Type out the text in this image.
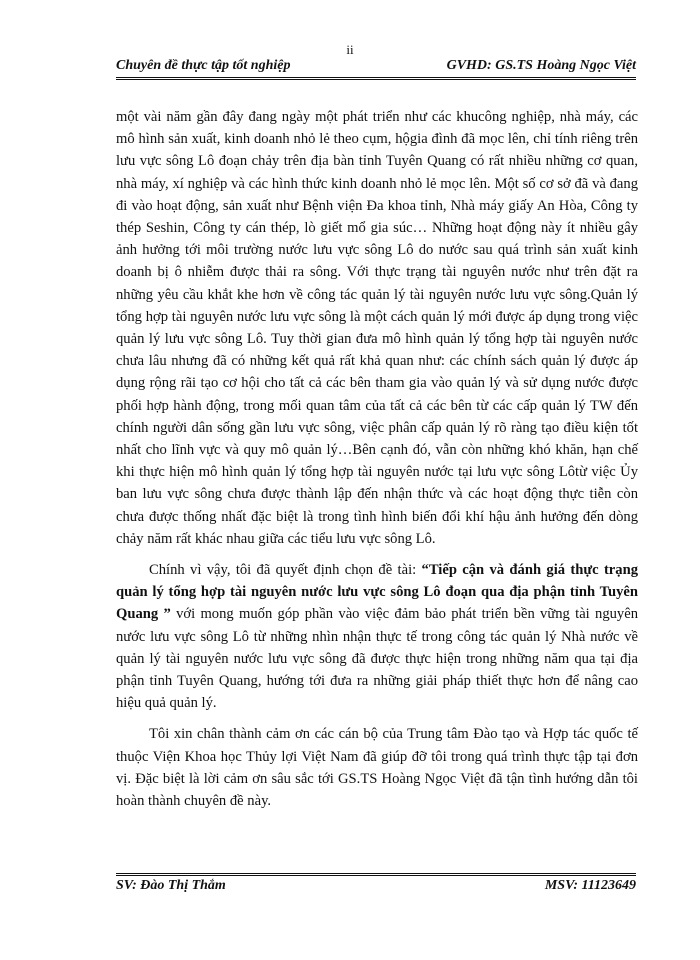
ii
Chuyên đề thực tập tốt nghiệp	GVHD: GS.TS Hoàng Ngọc Việt

một vài năm gần đây đang ngày một phát triển như các khucông nghiệp, nhà máy, các mô hình sản xuất, kinh doanh nhỏ lẻ theo cụm, hộgia đình đã mọc lên, chỉ tính riêng trên lưu vực sông Lô đoạn chảy trên địa bàn tỉnh Tuyên Quang có rất nhiều những cơ quan, nhà máy, xí nghiệp và các hình thức kinh doanh nhỏ lẻ mọc lên. Một số cơ sở đã và đang đi vào hoạt động, sản xuất như Bệnh viện Đa khoa tỉnh, Nhà máy giấy An Hòa, Công ty thép Seshin, Công ty cán thép, lò giết mổ gia súc… Những hoạt động này ít nhiều gây ảnh hưởng tới môi trường nước lưu vực sông Lô do nước sau quá trình sản xuất kinh doanh bị ô nhiễm được thải ra sông. Với thực trạng tài nguyên nước như trên đặt ra những yêu cầu khắt khe hơn về công tác quản lý tài nguyên nước lưu vực sông.Quản lý tổng hợp tài nguyên nước lưu vực sông là một cách quản lý mới được áp dụng trong việc quản lý lưu vực sông Lô. Tuy thời gian đưa mô hình quản lý tổng hợp tài nguyên nước chưa lâu nhưng đã có những kết quả rất khả quan như: các chính sách quản lý được áp dụng rộng rãi tạo cơ hội cho tất cả các bên tham gia vào quản lý và sử dụng nước được phối hợp hành động, trong mối quan tâm của tất cả các bên từ các cấp quản lý TW đến chính người dân sống gần lưu vực sông, việc phân cấp quản lý rõ ràng tạo điều kiện tốt nhất cho lĩnh vực và quy mô quản lý…Bên cạnh đó, vẫn còn những khó khăn, hạn chế khi thực hiện mô hình quản lý tổng hợp tài nguyên nước tại lưu vực sông Lôtừ việc Ủy ban lưu vực sông chưa được thành lập đến nhận thức và các hoạt động thực tiễn còn chưa được thống nhất đặc biệt là trong tình hình biến đổi khí hậu ảnh hưởng đến dòng chảy năm rất khác nhau giữa các tiểu lưu vực sông Lô.

Chính vì vậy, tôi đã quyết định chọn đề tài: “Tiếp cận và đánh giá thực trạng quản lý tổng hợp tài nguyên nước lưu vực sông Lô đoạn qua địa phận tỉnh Tuyên Quang ” với mong muốn góp phần vào việc đảm bảo phát triển bền vững tài nguyên nước lưu vực sông Lô từ những nhìn nhận thực tế trong công tác quản lý Nhà nước về quản lý tài nguyên nước lưu vực sông đã được thực hiện trong những năm qua tại địa phận tỉnh Tuyên Quang, hướng tới đưa ra những giải pháp thiết thực hơn để nâng cao hiệu quả quản lý.

Tôi xin chân thành cảm ơn các cán bộ của Trung tâm Đào tạo và Hợp tác quốc tế thuộc Viện Khoa học Thủy lợi Việt Nam đã giúp đỡ tôi trong quá trình thực tập tại đơn vị. Đặc biệt là lời cảm ơn sâu sắc tới GS.TS Hoàng Ngọc Việt đã tận tình hướng dẫn tôi hoàn thành chuyên đề này.

SV: Đào Thị Thắm	MSV: 11123649
